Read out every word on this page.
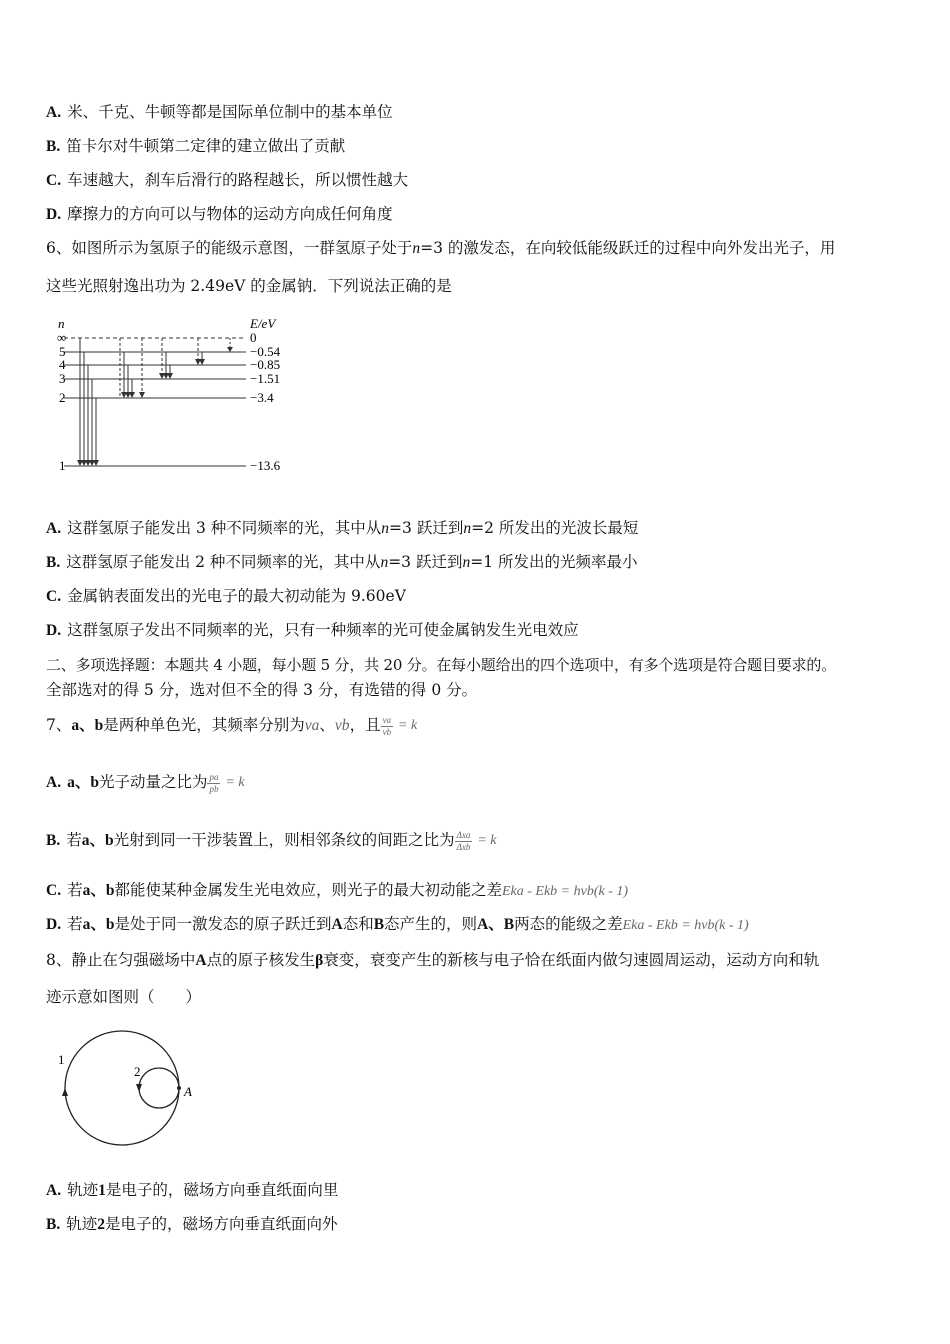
A. 米、千克、牛顿等都是国际单位制中的基本单位
B. 笛卡尔对牛顿第二定律的建立做出了贡献
C. 车速越大，刹车后滑行的路程越长，所以惯性越大
D. 摩擦力的方向可以与物体的运动方向成任何角度
6、如图所示为氢原子的能级示意图，一群氢原子处于n=3 的激发态，在向较低能级跃迁的过程中向外发出光子，用
这些光照射逸出功为 2.49eV 的金属钠．下列说法正确的是
n	E/eV
∞
5
4
3
2
1
0
−0.54
−0.85
−1.51
−3.4
−13.6
A. 这群氢原子能发出 3 种不同频率的光，其中从n=3 跃迁到n=2 所发出的光波长最短
B. 这群氢原子能发出 2 种不同频率的光，其中从n=3 跃迁到n=1 所发出的光频率最小
C. 金属钠表面发出的光电子的最大初动能为 9.60eV
D. 这群氢原子发出不同频率的光，只有一种频率的光可使金属钠发生光电效应
二、多项选择题：本题共 4 小题，每小题 5 分，共 20 分。在每小题给出的四个选项中，有多个选项是符合题目要求的。
全部选对的得 5 分，选对但不全的得 3 分，有选错的得 0 分。
7、a、b是两种单色光，其频率分别为νa、νb，且 $\frac{\nu a}{\nu b} = k$
A. a、b光子动量之比为 $\frac{pa}{pb} = k$
B. 若a、b光射到同一干涉装置上，则相邻条纹的间距之比为 $\frac{\text{Δxa}}{\text{Δxb}} = k$
C. 若a、b都能使某种金属发生光电效应，则光子的最大初动能之差Eka - Ekb = hνb(k - 1)
D. 若a、b是处于同一激发态的原子跃迁到A态和B态产生的，则A、B两态的能级之差Eka - Ekb = hνb(k - 1)
8、静止在匀强磁场中A点的原子核发生β衰变，衰变产生的新核与电子恰在纸面内做匀速圆周运动，运动方向和轨
迹示意如图则（　　）
1
2
A
A. 轨迹1是电子的，磁场方向垂直纸面向里
B. 轨迹2是电子的，磁场方向垂直纸面向外
